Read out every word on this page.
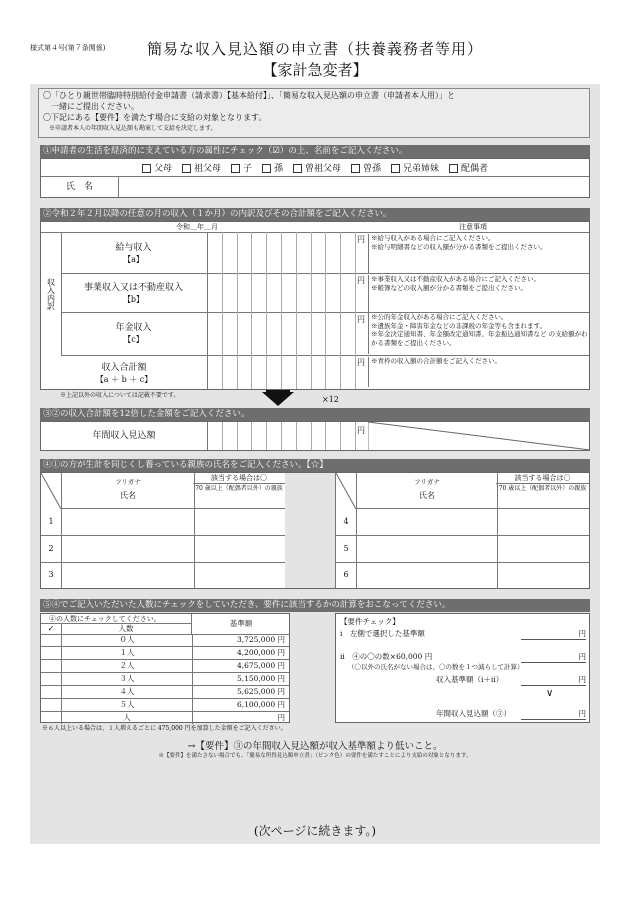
様式第４号(第７条関係)	簡易な収入見込額の申立書（扶養義務者等用）
【家計急変者】
〇「ひとり親世帯臨時特別給付金申請書（請求書）【基本給付】」、「簡易な収入見込額の申立書（申請者本人用）」と
　一緒にご提出ください。
〇下記にある【要件】を満たす場合に支給の対象となります。
　※申請者本人の年間収入見込額も勘案して支給を決定します。
①申請者の生活を経済的に支えている方の属性にチェック（☑）の上、名前をご記入ください。
父母	祖父母	子	孫	曾祖父母	曽孫	兄弟姉妹	配偶者
氏　名
②令和２年２月以降の任意の月の収入（１か月）の内訳及びその合計額をご記入ください。
令和＿年＿月	注意事項
収入内訳
給与収入
【a】
円 ※給与収入がある場合にご記入ください。
※給与明細書などの収入額が分かる書類をご提出ください。
事業収入又は不動産収入
【b】
円 ※事業収入又は不動産収入がある場合にご記入ください。
※帳簿などの収入額が分かる書類をご提出ください。
年金収入
【c】
円 ※公的年金収入がある場合にご記入ください。
※遺族年金・障害年金などの非課税の年金等も含まれます。
※年金決定通知書、年金額改定通知書、年金振込通知書など の支給額がわかる書類をご提出ください。
収入合計額
【a ＋ b ＋ c】
円 ※青枠の収入額の合計額をご記入ください。
※上記以外の収入については記載不要です。	×12
③②の収入合計額を12倍した金額をご記入ください。
年間収入見込額
円
④①の方が生計を同じくし養っている親族の氏名をご記入ください。【☆】
フリガナ
氏名
該当する場合は〇
70 歳以上（配偶者以外）の親族
1
2
3
フリガナ
氏名
該当する場合は〇
70 歳以上（配偶者以外）の親族
4
5
6
⑤④でご記入いただいた人数にチェックをしていただき、要件に該当するかの計算をおこなってください。
④の人数にチェックしてください。	基準額
✓	人数
０人	3,725,000 円
１人	4,200,000 円
２人	4,675,000 円
３人	5,150,000 円
４人	5,625,000 円
５人	6,100,000 円
人	円
※６人以上いる場合は、１人増えるごとに 475,000 円を加算した金額をご記入ください。
【要件チェック】
ⅰ　左側で選択した基準額	円
ⅱ　④の〇の数×60,000 円	円
（〇以外の氏名がない場合は、〇の数を１つ減らして計算）
収入基準額（ⅰ＋ⅱ）	円
∨
年間収入見込額（③）	円
→【要件】③の年間収入見込額が収入基準額より低いこと。
※【要件】を満たさない場合でも、「簡易な所得見込額申立書」（ピンク色）の要件を満たすことにより支給の対象となります。
(次ページに続きます。)
